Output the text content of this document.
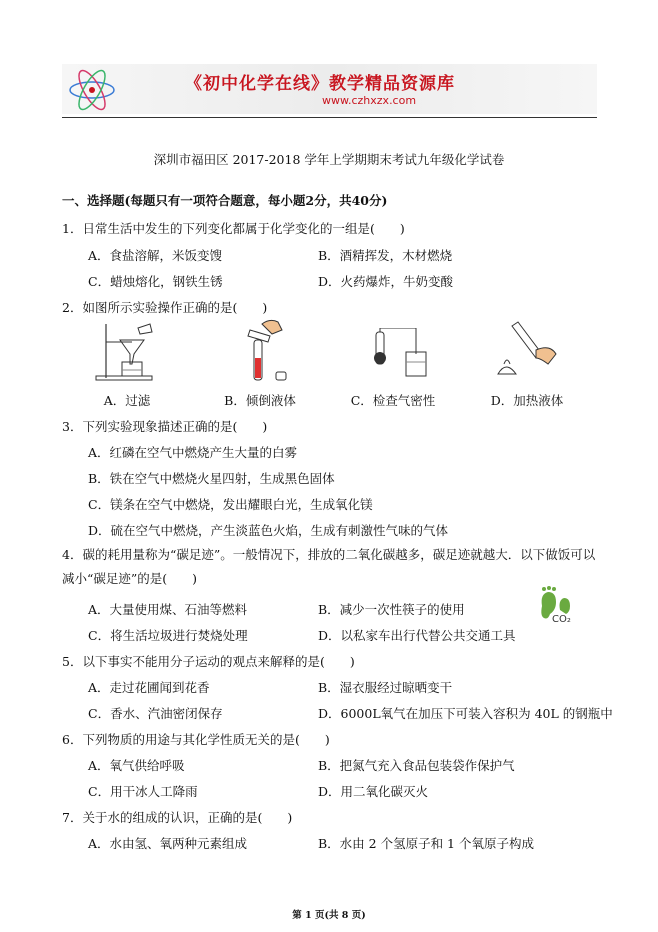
《初中化学在线》教学精品资源库
www.czhxzx.com
深圳市福田区 2017-2018 学年上学期期末考试九年级化学试卷
一、选择题(每题只有一项符合题意，每小题2分，共40分)
1．日常生活中发生的下列变化都属于化学变化的一组是(　　)
A．食盐溶解，米饭变馊	B．酒精挥发，木材燃烧
C．蜡烛熔化，钢铁生锈	D．火药爆炸，牛奶变酸
2．如图所示实验操作正确的是(　　)
A．过滤	B．倾倒液体	C．检查气密性	D．加热液体
3．下列实验现象描述正确的是(　　)
A．红磷在空气中燃烧产生大量的白雾
B．铁在空气中燃烧火星四射，生成黑色固体
C．镁条在空气中燃烧，发出耀眼白光，生成氧化镁
D．硫在空气中燃烧，产生淡蓝色火焰，生成有刺激性气味的气体
4．碳的耗用量称为“碳足迹”。一般情况下，排放的二氧化碳越多，碳足迹就越大．以下做饭可以减小“碳足迹”的是(　　)
A．大量使用煤、石油等燃料	B．减少一次性筷子的使用
C．将生活垃圾进行焚烧处理	D．以私家车出行代替公共交通工具
CO₂
5．以下事实不能用分子运动的观点来解释的是(　　)
A．走过花圃闻到花香	B．湿衣服经过晾晒变干
C．香水、汽油密闭保存	D．6000L氧气在加压下可装入容积为 40L 的钢瓶中
6．下列物质的用途与其化学性质无关的是(　　)
A．氧气供给呼吸	B．把氮气充入食品包装袋作保护气
C．用干冰人工降雨	D．用二氧化碳灭火
7．关于水的组成的认识，正确的是(　　)
A．水由氢、氧两种元素组成	B．水由 2 个氢原子和 1 个氧原子构成
第 1 页(共 8 页)
